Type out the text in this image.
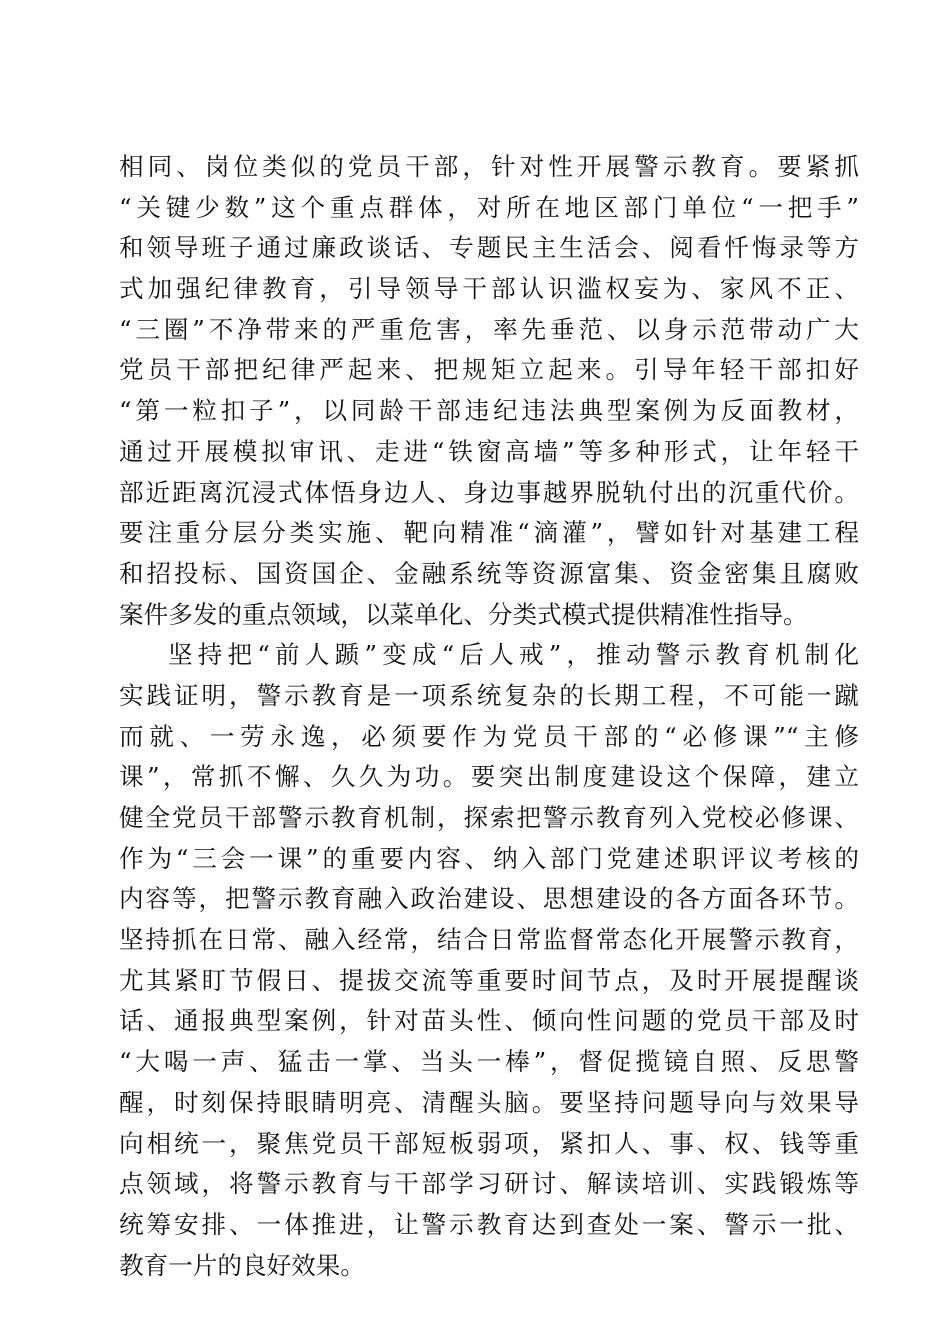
相同、岗位类似的党员干部，针对性开展警示教育。要紧抓
“关键少数”这个重点群体，对所在地区部门单位“一把手”
和领导班子通过廉政谈话、专题民主生活会、阅看忏悔录等方
式加强纪律教育，引导领导干部认识滥权妄为、家风不正、
“三圈”不净带来的严重危害，率先垂范、以身示范带动广大
党员干部把纪律严起来、把规矩立起来。引导年轻干部扣好
“第一粒扣子”，以同龄干部违纪违法典型案例为反面教材，
通过开展模拟审讯、走进“铁窗高墙”等多种形式，让年轻干
部近距离沉浸式体悟身边人、身边事越界脱轨付出的沉重代价。
要注重分层分类实施、靶向精准“滴灌”，譬如针对基建工程
和招投标、国资国企、金融系统等资源富集、资金密集且腐败
案件多发的重点领域，以菜单化、分类式模式提供精准性指导。
坚持把“前人踬”变成“后人戒”，推动警示教育机制化
实践证明，警示教育是一项系统复杂的长期工程，不可能一蹴
而就、一劳永逸，必须要作为党员干部的“必修课”“主修
课”，常抓不懈、久久为功。要突出制度建设这个保障，建立
健全党员干部警示教育机制，探索把警示教育列入党校必修课、
作为“三会一课”的重要内容、纳入部门党建述职评议考核的
内容等，把警示教育融入政治建设、思想建设的各方面各环节。
坚持抓在日常、融入经常，结合日常监督常态化开展警示教育，
尤其紧盯节假日、提拔交流等重要时间节点，及时开展提醒谈
话、通报典型案例，针对苗头性、倾向性问题的党员干部及时
“大喝一声、猛击一掌、当头一棒”，督促揽镜自照、反思警
醒，时刻保持眼睛明亮、清醒头脑。要坚持问题导向与效果导
向相统一，聚焦党员干部短板弱项，紧扣人、事、权、钱等重
点领域，将警示教育与干部学习研讨、解读培训、实践锻炼等
统筹安排、一体推进，让警示教育达到查处一案、警示一批、
教育一片的良好效果。
